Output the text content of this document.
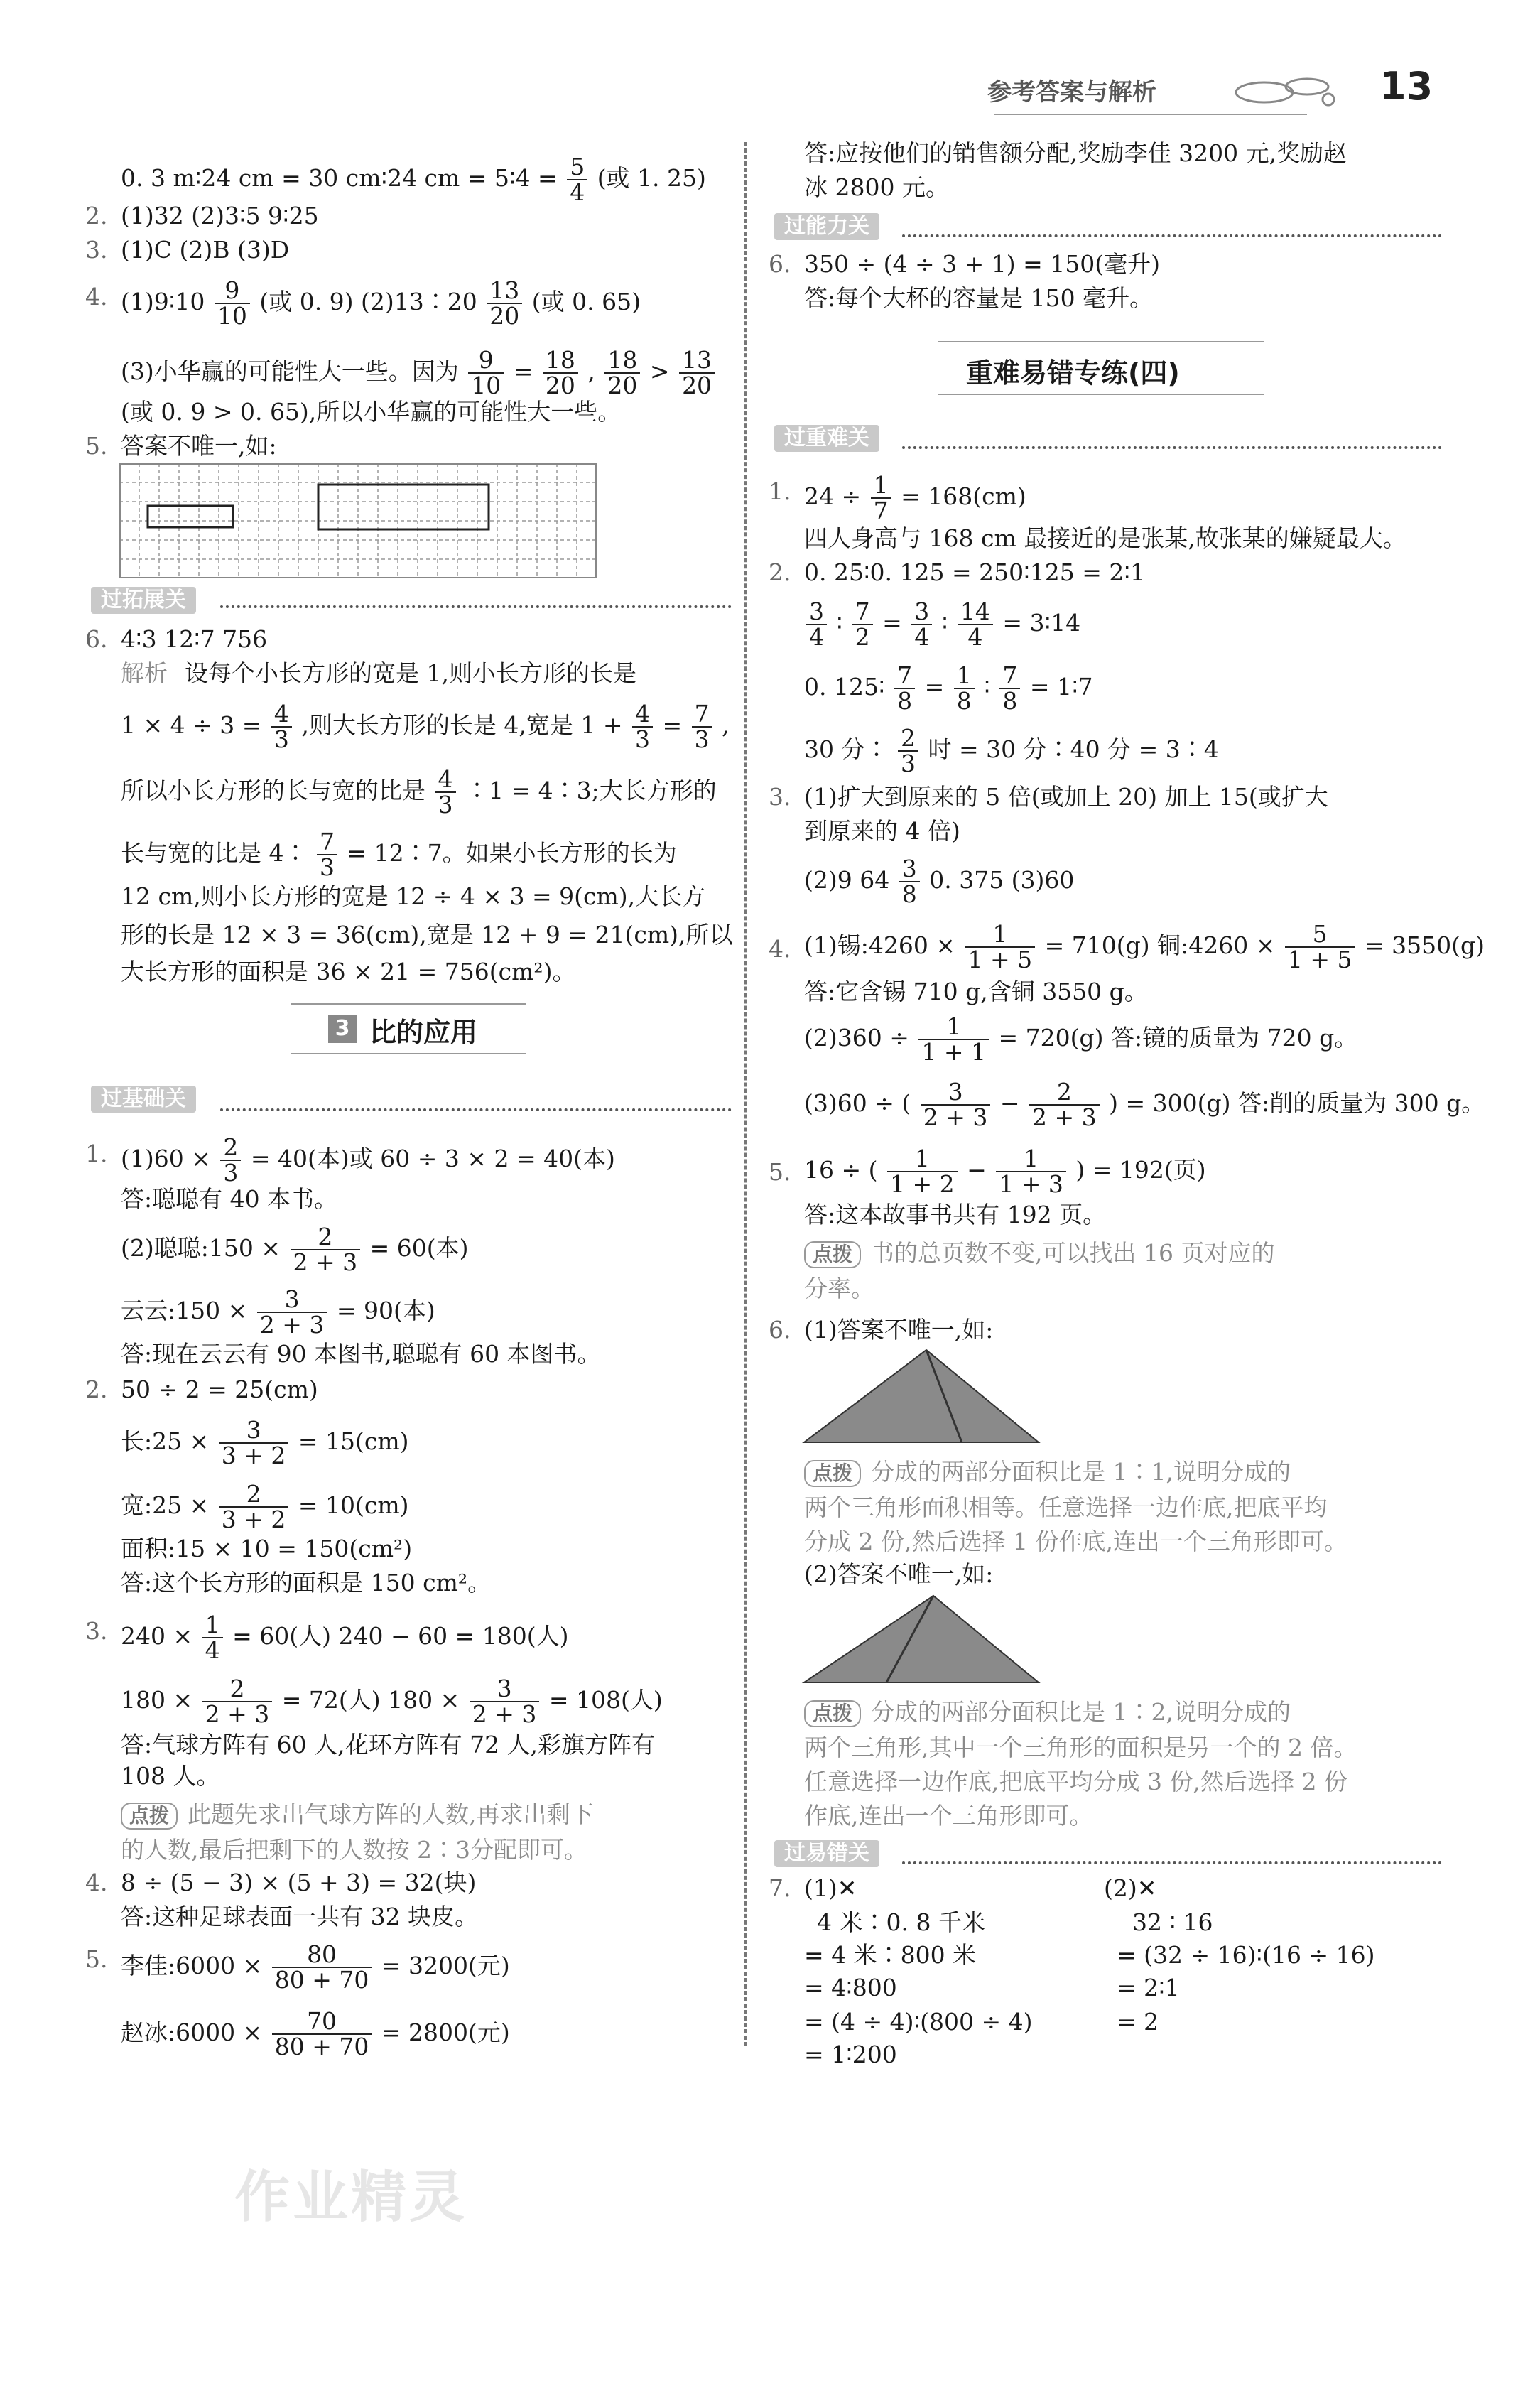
参考答案与解析	13
0. 3 m∶24 cm = 30 cm∶24 cm = 5∶4 = $\frac{5}{4}$ (或 1. 25)
2. (1)32 (2)3∶5 9∶25
3. (1)C (2)B (3)D
4. (1)9∶10 $\frac{9}{10}$ (或 0. 9) (2)13∶20 $\frac{13}{20}$ (或 0. 65)
(3)小华赢的可能性大一些。因为 $\frac{9}{10} = \frac{18}{20}$ , $\frac{18}{20} > \frac{13}{20}$
(或 0. 9 > 0. 65),所以小华赢的可能性大一些。
5. 答案不唯一,如:
过拓展关
6. 4∶3 12∶7 756
解析 设每个小长方形的宽是 1,则小长方形的长是
$1 \times 4 \div 3 = \frac{4}{3}$ ,则大长方形的长是 4,宽是 $1 + \frac{4}{3} = \frac{7}{3}$ ,
所以小长方形的长与宽的比是 $\frac{4}{3}$ ∶1 = 4∶3;大长方形的
长与宽的比是 4∶ $\frac{7}{3}$ = 12∶7。如果小长方形的长为
12 cm,则小长方形的宽是 12 ÷ 4 × 3 = 9(cm),大长方
形的长是 12 × 3 = 36(cm),宽是 12 + 9 = 21(cm),所以
大长方形的面积是 36 × 21 = 756(cm²)。
3 比的应用
过基础关
1. $(1)60 \times \frac{2}{3} = 40$(本)或 60 ÷ 3 × 2 = 40(本)
答:聪聪有 40 本书。
(2)聪聪:150 × $\frac{2}{2 + 3} = 60$(本)
云云:150 × $\frac{3}{2 + 3} = 90$(本)
答:现在云云有 90 本图书,聪聪有 60 本图书。
2. 50 ÷ 2 = 25(cm)
长:25 × $\frac{3}{3 + 2} = 15(cm)$
宽:25 × $\frac{2}{3 + 2} = 10(cm)$
面积:15 × 10 = 150(cm²)
答:这个长方形的面积是 150 cm²。
3. $240 \times \frac{1}{4} = 60$(人) 240 − 60 = 180(人)
$180 \times \frac{2}{2 + 3} = 72$(人) $180 \times \frac{3}{2 + 3} = 108$(人)
答:气球方阵有 60 人,花环方阵有 72 人,彩旗方阵有
108 人。
点拨 此题先求出气球方阵的人数,再求出剩下
的人数,最后把剩下的人数按 2∶3分配即可。
4. 8 ÷ (5 − 3) × (5 + 3) = 32(块)
答:这种足球表面一共有 32 块皮。
5. 李佳:6000 × $\frac{80}{80 + 70} = 3200$(元)
赵冰:6000 × $\frac{70}{80 + 70} = 2800$(元)
作业精灵
答:应按他们的销售额分配,奖励李佳 3200 元,奖励赵
冰 2800 元。
过能力关
6. 350 ÷ (4 ÷ 3 + 1) = 150(毫升)
答:每个大杯的容量是 150 毫升。
重难易错专练(四)
过重难关
1. $24 \div \frac{1}{7} = 168(cm)$
四人身高与 168 cm 最接近的是张某,故张某的嫌疑最大。
2. 0. 25∶0. 125 = 250∶125 = 2∶1
$\frac{3}{4}$ ∶ $\frac{7}{2} = \frac{3}{4}$ ∶ $\frac{14}{4}$ = 3∶14
0. 125∶ $\frac{7}{8} = \frac{1}{8}$ ∶ $\frac{7}{8}$ = 1∶7
30 分∶ $\frac{2}{3}$ 时 = 30 分∶40 分 = 3∶4
3. (1)扩大到原来的 5 倍(或加上 20) 加上 15(或扩大
到原来的 4 倍)
(2)9 $64 \frac{3}{8} 0$. 375 (3)60
4. (1)锡:4260 × $\frac{1}{1 + 5} = 710(g)$ 铜:4260 × $\frac{5}{1 + 5} = 3550(g)$
答:它含锡 710 g,含铜 3550 g。
$(2)360 \div \frac{1}{1 + 1} = 720(g)$ 答:镜的质量为 720 g。
(3)60 ÷ ( $\frac{3}{2 + 3} - \frac{2}{2 + 3}$ ) = 300(g) 答:削的质量为 300 g。
5. 16 ÷ ( $\frac{1}{1 + 2} - \frac{1}{1 + 3}$ ) = 192(页)
答:这本故事书共有 192 页。
点拨 书的总页数不变,可以找出 16 页对应的
分率。
6. (1)答案不唯一,如:
点拨 分成的两部分面积比是 1∶1,说明分成的
两个三角形面积相等。任意选择一边作底,把底平均
分成 2 份,然后选择 1 份作底,连出一个三角形即可。
(2)答案不唯一,如:
点拨 分成的两部分面积比是 1∶2,说明分成的
两个三角形,其中一个三角形的面积是另一个的 2 倍。
任意选择一边作底,把底平均分成 3 份,然后选择 2 份
作底,连出一个三角形即可。
过易错关
7. (1)✕	(2)✕
4 米∶0. 8 千米
= 4 米∶800 米
= 4∶800
= (4 ÷ 4)∶(800 ÷ 4)
= 1∶200
32 ∶ 16
= (32 ÷ 16)∶(16 ÷ 16)
= 2∶1
= 2
